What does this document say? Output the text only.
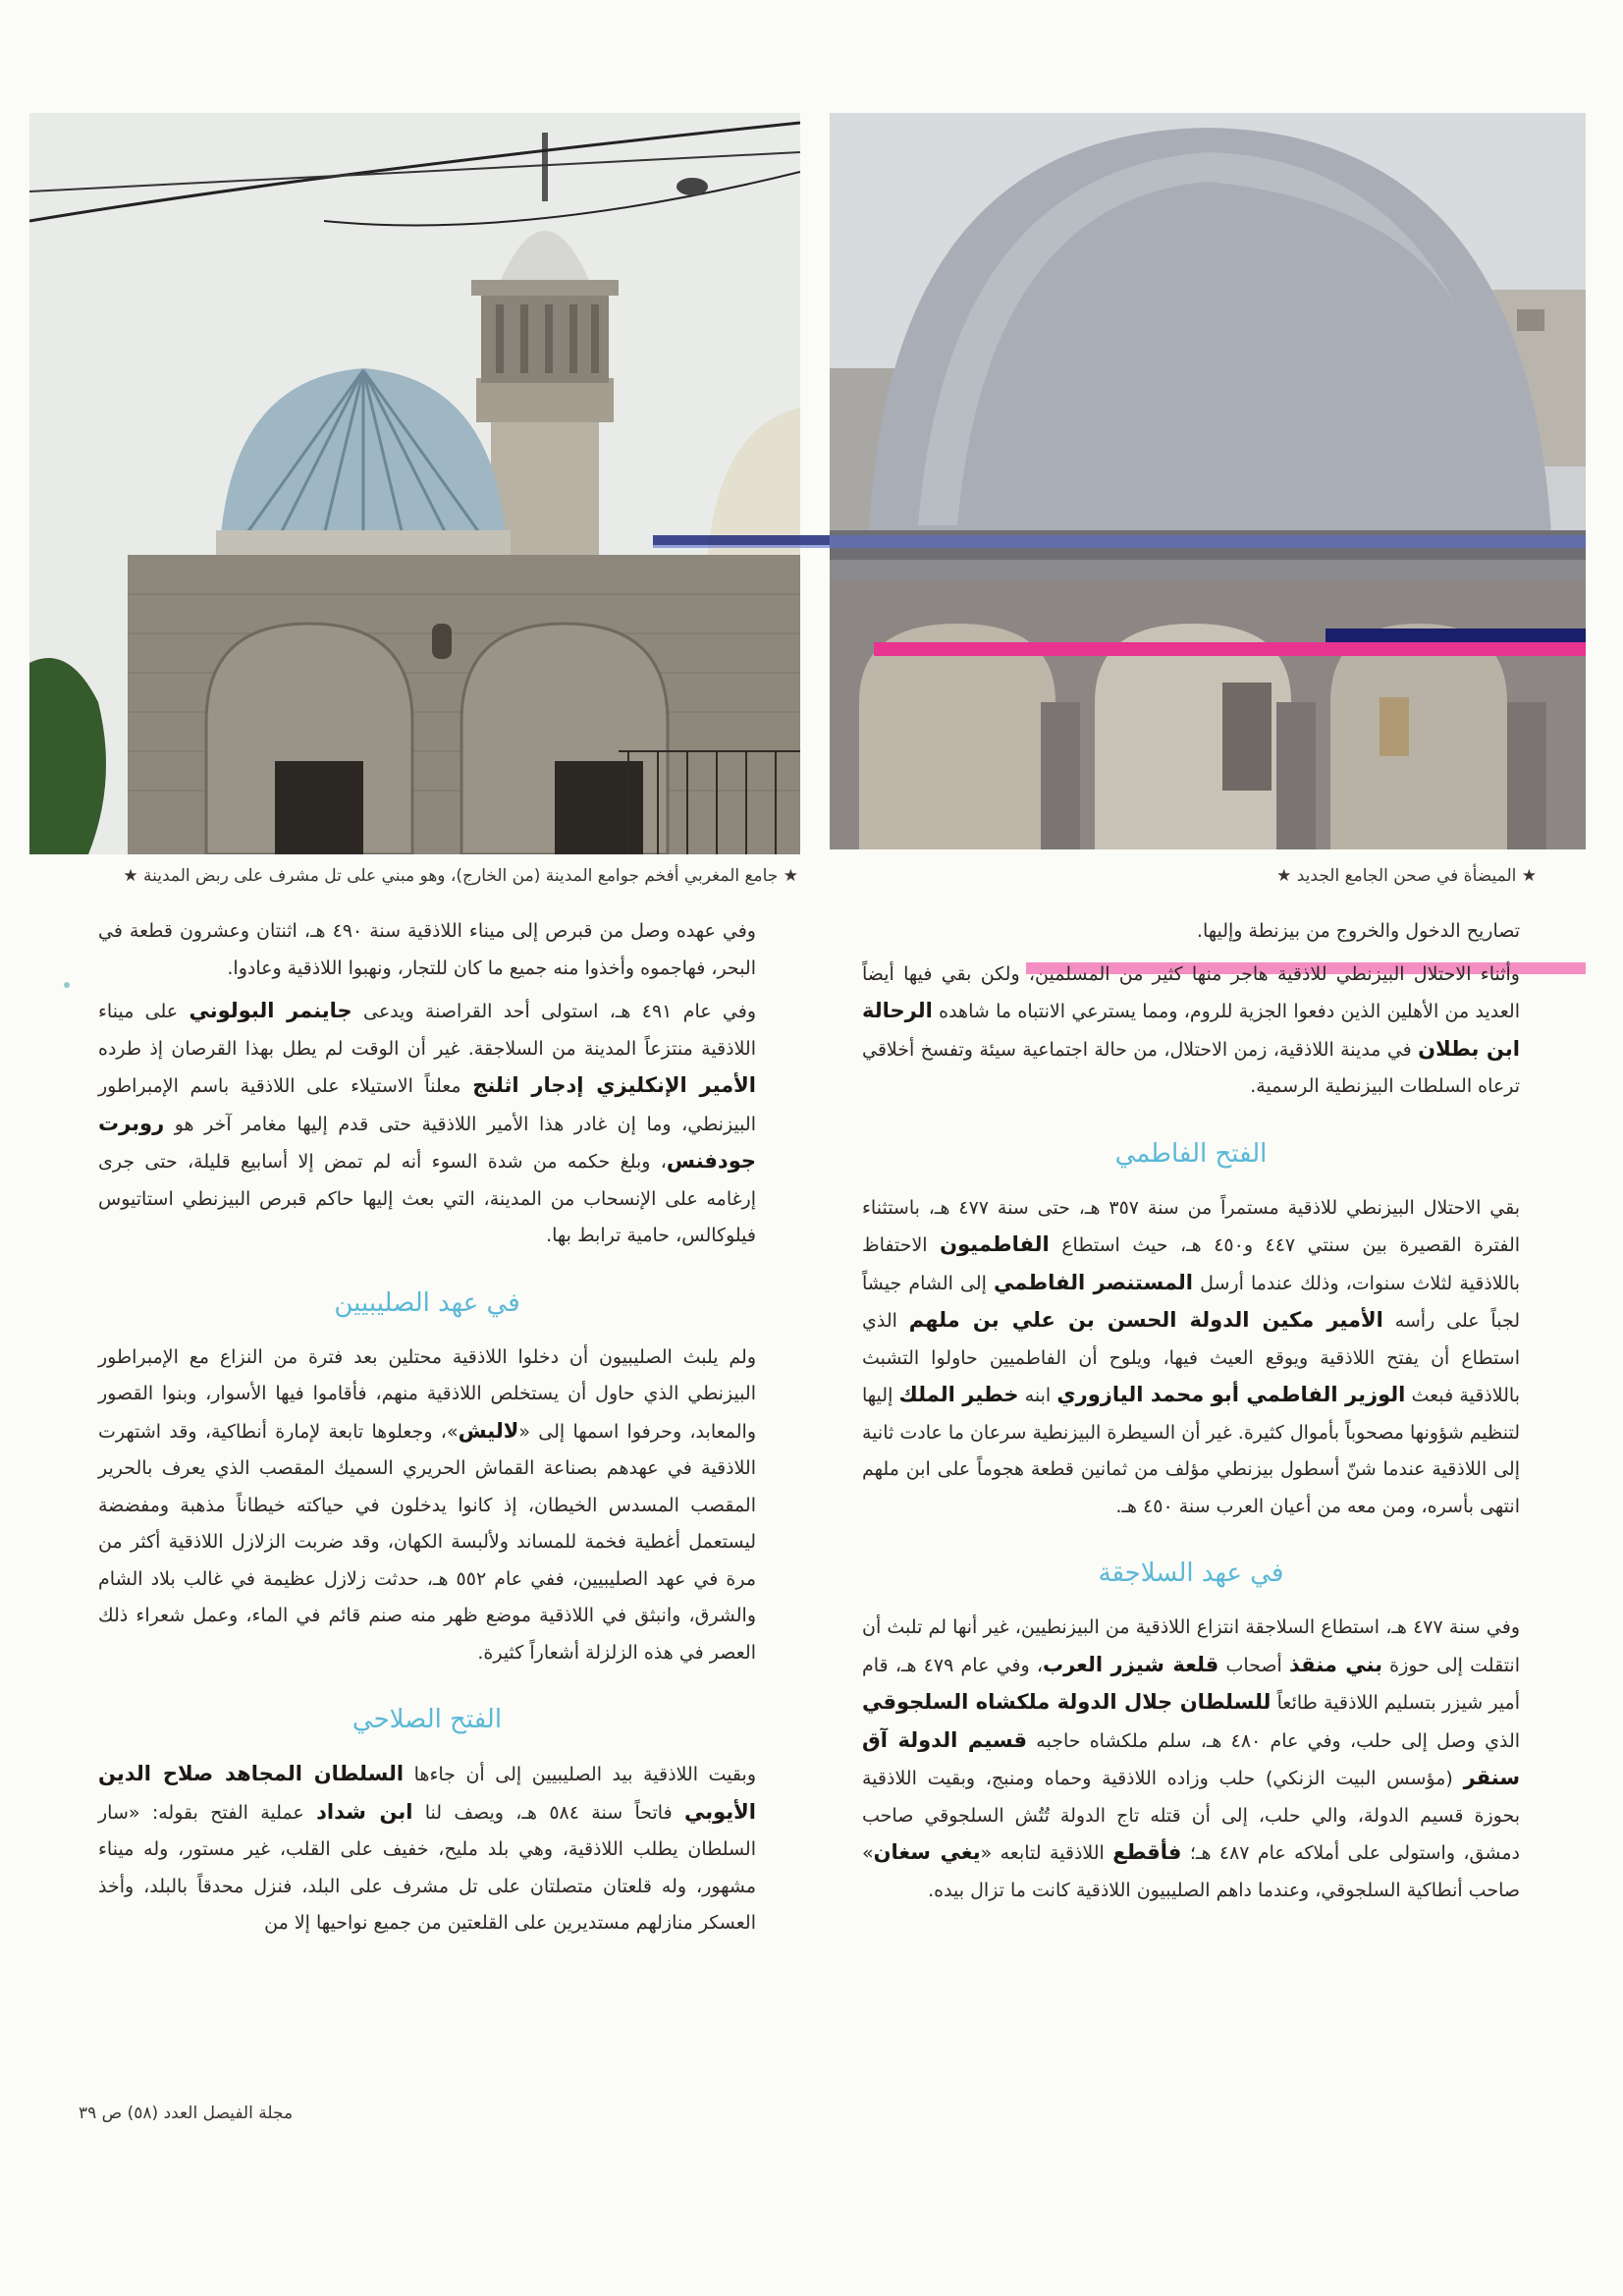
★ الميضأة في صحن الجامع الجديد ★
★ جامع المغربي أفخم جوامع المدينة (من الخارج)، وهو مبني على تل مشرف على ربض المدينة ★

تصاريح الدخول والخروج من بيزنطة وإليها.

وأثناء الاحتلال البيزنطي للاذقية هاجر منها كثير من المسلمين، ولكن بقي فيها أيضاً العديد من الأهلين الذين دفعوا الجزية للروم، ومما يسترعي الانتباه ما شاهده الرحالة ابن بطلان في مدينة اللاذقية، زمن الاحتلال، من حالة اجتماعية سيئة وتفسخ أخلاقي ترعاه السلطات البيزنطية الرسمية.

الفتح الفاطمي

بقي الاحتلال البيزنطي للاذقية مستمراً من سنة ٣٥٧ هـ، حتى سنة ٤٧٧ هـ، باستثناء الفترة القصيرة بين سنتي ٤٤٧ و٤٥٠ هـ، حيث استطاع الفاطميون الاحتفاظ باللاذقية لثلاث سنوات، وذلك عندما أرسل المستنصر الفاطمي إلى الشام جيشاً لجباً على رأسه الأمير مكين الدولة الحسن بن علي بن ملهم الذي استطاع أن يفتح اللاذقية ويوقع العيث فيها، ويلوح أن الفاطميين حاولوا التشبث باللاذقية فبعث الوزير الفاطمي أبو محمد اليازوري ابنه خطير الملك إليها لتنظيم شؤونها مصحوباً بأموال كثيرة. غير أن السيطرة البيزنطية سرعان ما عادت ثانية إلى اللاذقية عندما شنّ أسطول بيزنطي مؤلف من ثمانين قطعة هجوماً على ابن ملهم انتهى بأسره، ومن معه من أعيان العرب سنة ٤٥٠ هـ.

في عهد السلاجقة

وفي سنة ٤٧٧ هـ، استطاع السلاجقة انتزاع اللاذقية من البيزنطيين، غير أنها لم تلبث أن انتقلت إلى حوزة بني منقذ أصحاب قلعة شيزر العرب، وفي عام ٤٧٩ هـ، قام أمير شيزر بتسليم اللاذقية طائعاً للسلطان جلال الدولة ملكشاه السلجوقي الذي وصل إلى حلب، وفي عام ٤٨٠ هـ، سلم ملكشاه حاجبه قسيم الدولة آق سنقر (مؤسس البيت الزنكي) حلب وزاده اللاذقية وحماه ومنبج، وبقيت اللاذقية بحوزة قسيم الدولة، والي حلب، إلى أن قتله تاج الدولة تُتُش السلجوقي صاحب دمشق، واستولى على أملاكه عام ٤٨٧ هـ؛ فأقطع اللاذقية لتابعه «يغي سغان» صاحب أنطاكية السلجوقي، وعندما داهم الصليبيون اللاذقية كانت ما تزال بيده.

وفي عهده وصل من قبرص إلى ميناء اللاذقية سنة ٤٩٠ هـ، اثنتان وعشرون قطعة في البحر، فهاجموه وأخذوا منه جميع ما كان للتجار، ونهبوا اللاذقية وعادوا.

وفي عام ٤٩١ هـ، استولى أحد القراصنة ويدعى جاينمر البولوني على ميناء اللاذقية منتزعاً المدينة من السلاجقة. غير أن الوقت لم يطل بهذا القرصان إذ طرده الأمير الإنكليزي إدجار اثلنج معلناً الاستيلاء على اللاذقية باسم الإمبراطور البيزنطي، وما إن غادر هذا الأمير اللاذقية حتى قدم إليها مغامر آخر هو روبرت جودفنس، وبلغ حكمه من شدة السوء أنه لم تمض إلا أسابيع قليلة، حتى جرى إرغامه على الإنسحاب من المدينة، التي بعث إليها حاكم قبرص البيزنطي استاتيوس فيلوكالس، حامية ترابط بها.

في عهد الصليبيين

ولم يلبث الصليبيون أن دخلوا اللاذقية محتلين بعد فترة من النزاع مع الإمبراطور البيزنطي الذي حاول أن يستخلص اللاذقية منهم، فأقاموا فيها الأسوار، وبنوا القصور والمعابد، وحرفوا اسمها إلى «لاليش»، وجعلوها تابعة لإمارة أنطاكية، وقد اشتهرت اللاذقية في عهدهم بصناعة القماش الحريري السميك المقصب الذي يعرف بالحرير المقصب المسدس الخيطان، إذ كانوا يدخلون في حياكته خيطاناً مذهبة ومفضضة ليستعمل أغطية فخمة للمساند ولألبسة الكهان، وقد ضربت الزلازل اللاذقية أكثر من مرة في عهد الصليبيين، ففي عام ٥٥٢ هـ، حدثت زلازل عظيمة في غالب بلاد الشام والشرق، وانبثق في اللاذقية موضع ظهر منه صنم قائم في الماء، وعمل شعراء ذلك العصر في هذه الزلزلة أشعاراً كثيرة.

الفتح الصلاحي

وبقيت اللاذقية بيد الصليبيين إلى أن جاءها السلطان المجاهد صلاح الدين الأيوبي فاتحاً سنة ٥٨٤ هـ، ويصف لنا ابن شداد عملية الفتح بقوله: «سار السلطان يطلب اللاذقية، وهي بلد مليح، خفيف على القلب، غير مستور، وله ميناء مشهور، وله قلعتان متصلتان على تل مشرف على البلد، فنزل محدقاً بالبلد، وأخذ العسكر منازلهم مستديرين على القلعتين من جميع نواحيها إلا من

مجلة الفيصل العدد (٥٨) ص ٣٩
